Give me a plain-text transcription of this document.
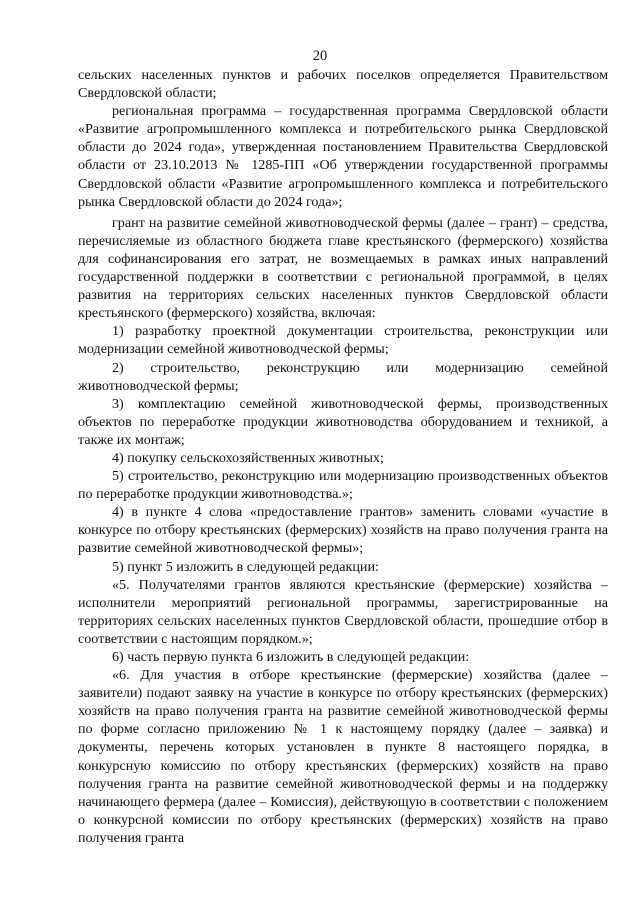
20

сельских населенных пунктов и рабочих поселков определяется Правительством Свердловской области;

региональная программа – государственная программа Свердловской области «Развитие агропромышленного комплекса и потребительского рынка Свердловской области до 2024 года», утвержденная постановлением Правительства Свердловской области от 23.10.2013 № 1285-ПП «Об утверждении государственной программы Свердловской области «Развитие агропромышленного комплекса и потребительского рынка Свердловской области до 2024 года»;

грант на развитие семейной животноводческой фермы (далее – грант) – средства, перечисляемые из областного бюджета главе крестьянского (фермерского) хозяйства для софинансирования его затрат, не возмещаемых в рамках иных направлений государственной поддержки в соответствии с региональной программой, в целях развития на территориях сельских населенных пунктов Свердловской области крестьянского (фермерского) хозяйства, включая:

1) разработку проектной документации строительства, реконструкции или модернизации семейной животноводческой фермы;

2) строительство, реконструкцию или модернизацию семейной животноводческой фермы;

3) комплектацию семейной животноводческой фермы, производственных объектов по переработке продукции животноводства оборудованием и техникой, а также их монтаж;

4) покупку сельскохозяйственных животных;

5) строительство, реконструкцию или модернизацию производственных объектов по переработке продукции животноводства.»;

4) в пункте 4 слова «предоставление грантов» заменить словами «участие в конкурсе по отбору крестьянских (фермерских) хозяйств на право получения гранта на развитие семейной животноводческой фермы»;

5) пункт 5 изложить в следующей редакции:

«5. Получателями грантов являются крестьянские (фермерские) хозяйства – исполнители мероприятий региональной программы, зарегистрированные на территориях сельских населенных пунктов Свердловской области, прошедшие отбор в соответствии с настоящим порядком.»;

6) часть первую пункта 6 изложить в следующей редакции:

«6. Для участия в отборе крестьянские (фермерские) хозяйства (далее – заявители) подают заявку на участие в конкурсе по отбору крестьянских (фермерских) хозяйств на право получения гранта на развитие семейной животноводческой фермы по форме согласно приложению № 1 к настоящему порядку (далее – заявка) и документы, перечень которых установлен в пункте 8 настоящего порядка, в конкурсную комиссию по отбору крестьянских (фермерских) хозяйств на право получения гранта на развитие семейной животноводческой фермы и на поддержку начинающего фермера (далее – Комиссия), действующую в соответствии с положением о конкурсной комиссии по отбору крестьянских (фермерских) хозяйств на право получения гранта
